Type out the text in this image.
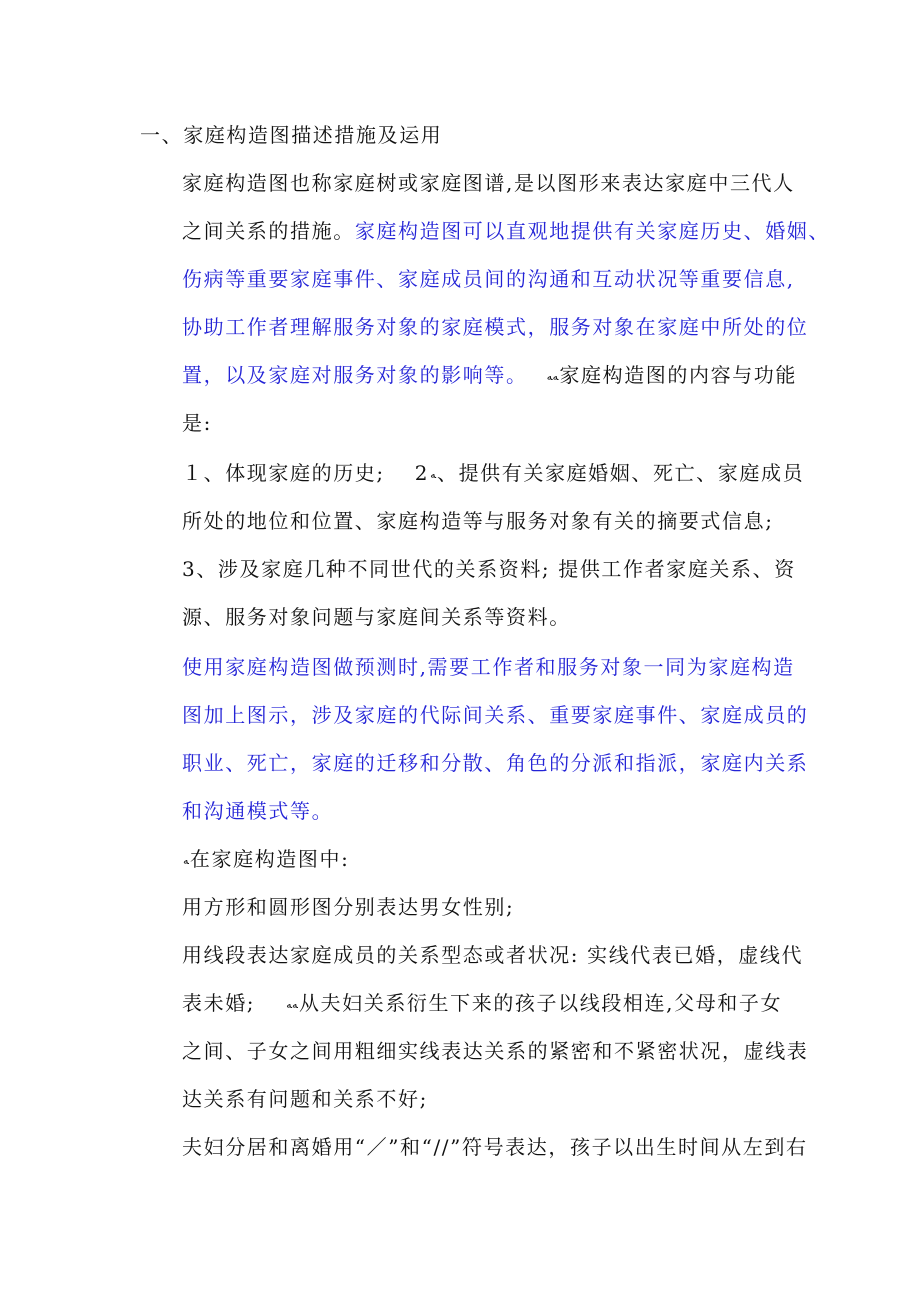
一、家庭构造图描述措施及运用
家庭构造图也称家庭树或家庭图谱,是以图形来表达家庭中三代人
之间关系的措施。家庭构造图可以直观地提供有关家庭历史、婚姻、
伤病等重要家庭事件、家庭成员间的沟通和互动状况等重要信息,
协助工作者理解服务对象的家庭模式，服务对象在家庭中所处的位
置，以及家庭对服务对象的影响等。 ﻪﻪ家庭构造图的内容与功能
是:
１、体现家庭的历史; 2ﻪ、提供有关家庭婚姻、死亡、家庭成员
所处的地位和位置、家庭构造等与服务对象有关的摘要式信息;
3、涉及家庭几种不同世代的关系资料; 提供工作者家庭关系、资
源、服务对象问题与家庭间关系等资料。
使用家庭构造图做预测时,需要工作者和服务对象一同为家庭构造
图加上图示，涉及家庭的代际间关系、重要家庭事件、家庭成员的
职业、死亡，家庭的迁移和分散、角色的分派和指派，家庭内关系
和沟通模式等。
ﻪ在家庭构造图中:
用方形和圆形图分别表达男女性别;
用线段表达家庭成员的关系型态或者状况: 实线代表已婚，虚线代
表未婚;	ﻪﻪ从夫妇关系衍生下来的孩子以线段相连,父母和子女
之间、子女之间用粗细实线表达关系的紧密和不紧密状况，虚线表
达关系有问题和关系不好;
夫妇分居和离婚用“／”和“//”符号表达，孩子以出生时间从左到右
